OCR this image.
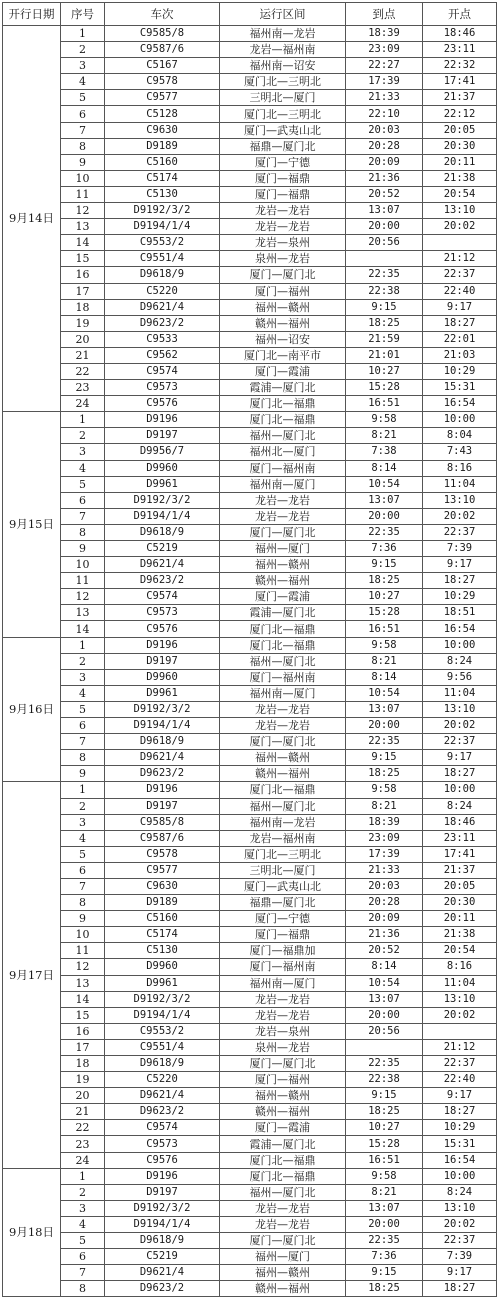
开行日期	序号	车次	运行区间	到点	开点
9月14日	1	C9585/8	福州南—龙岩	18:39	18:46
	2	C9587/6	龙岩—福州南	23:09	23:11
	3	C5167	福州南—诏安	22:27	22:32
	4	C9578	厦门北—三明北	17:39	17:41
	5	C9577	三明北—厦门	21:33	21:37
	6	C5128	厦门北—三明北	22:10	22:12
	7	C9630	厦门—武夷山北	20:03	20:05
	8	D9189	福鼎—厦门北	20:28	20:30
	9	C5160	厦门—宁德	20:09	20:11
	10	C5174	厦门—福鼎	21:36	21:38
	11	C5130	厦门—福鼎	20:52	20:54
	12	D9192/3/2	龙岩—龙岩	13:07	13:10
	13	D9194/1/4	龙岩—龙岩	20:00	20:02
	14	C9553/2	龙岩—泉州	20:56	
	15	C9551/4	泉州—龙岩		21:12
	16	D9618/9	厦门—厦门北	22:35	22:37
	17	C5220	厦门—福州	22:38	22:40
	18	D9621/4	福州—赣州	9:15	9:17
	19	D9623/2	赣州—福州	18:25	18:27
	20	C9533	福州—诏安	21:59	22:01
	21	C9562	厦门北—南平市	21:01	21:03
	22	C9574	厦门—霞浦	10:27	10:29
	23	C9573	霞浦—厦门北	15:28	15:31
	24	C9576	厦门北—福鼎	16:51	16:54
9月15日	1	D9196	厦门北—福鼎	9:58	10:00
	2	D9197	福州—厦门北	8:21	8:04
	3	D9956/7	福州北—厦门	7:38	7:43
	4	D9960	厦门—福州南	8:14	8:16
	5	D9961	福州南—厦门	10:54	11:04
	6	D9192/3/2	龙岩—龙岩	13:07	13:10
	7	D9194/1/4	龙岩—龙岩	20:00	20:02
	8	D9618/9	厦门—厦门北	22:35	22:37
	9	C5219	福州—厦门	7:36	7:39
	10	D9621/4	福州—赣州	9:15	9:17
	11	D9623/2	赣州—福州	18:25	18:27
	12	C9574	厦门—霞浦	10:27	10:29
	13	C9573	霞浦—厦门北	15:28	18:51
	14	C9576	厦门北—福鼎	16:51	16:54
9月16日	1	D9196	厦门北—福鼎	9:58	10:00
	2	D9197	福州—厦门北	8:21	8:24
	3	D9960	厦门—福州南	8:14	9:56
	4	D9961	福州南—厦门	10:54	11:04
	5	D9192/3/2	龙岩—龙岩	13:07	13:10
	6	D9194/1/4	龙岩—龙岩	20:00	20:02
	7	D9618/9	厦门—厦门北	22:35	22:37
	8	D9621/4	福州—赣州	9:15	9:17
	9	D9623/2	赣州—福州	18:25	18:27
9月17日	1	D9196	厦门北—福鼎	9:58	10:00
	2	D9197	福州—厦门北	8:21	8:24
	3	C9585/8	福州南—龙岩	18:39	18:46
	4	C9587/6	龙岩—福州南	23:09	23:11
	5	C9578	厦门北—三明北	17:39	17:41
	6	C9577	三明北—厦门	21:33	21:37
	7	C9630	厦门—武夷山北	20:03	20:05
	8	D9189	福鼎—厦门北	20:28	20:30
	9	C5160	厦门—宁德	20:09	20:11
	10	C5174	厦门—福鼎	21:36	21:38
	11	C5130	厦门—福鼎加	20:52	20:54
	12	D9960	厦门—福州南	8:14	8:16
	13	D9961	福州南—厦门	10:54	11:04
	14	D9192/3/2	龙岩—龙岩	13:07	13:10
	15	D9194/1/4	龙岩—龙岩	20:00	20:02
	16	C9553/2	龙岩—泉州	20:56	
	17	C9551/4	泉州—龙岩		21:12
	18	D9618/9	厦门—厦门北	22:35	22:37
	19	C5220	厦门—福州	22:38	22:40
	20	D9621/4	福州—赣州	9:15	9:17
	21	D9623/2	赣州—福州	18:25	18:27
	22	C9574	厦门—霞浦	10:27	10:29
	23	C9573	霞浦—厦门北	15:28	15:31
	24	C9576	厦门北—福鼎	16:51	16:54
9月18日	1	D9196	厦门北—福鼎	9:58	10:00
	2	D9197	福州—厦门北	8:21	8:24
	3	D9192/3/2	龙岩—龙岩	13:07	13:10
	4	D9194/1/4	龙岩—龙岩	20:00	20:02
	5	D9618/9	厦门—厦门北	22:35	22:37
	6	C5219	福州—厦门	7:36	7:39
	7	D9621/4	福州—赣州	9:15	9:17
	8	D9623/2	赣州—福州	18:25	18:27
